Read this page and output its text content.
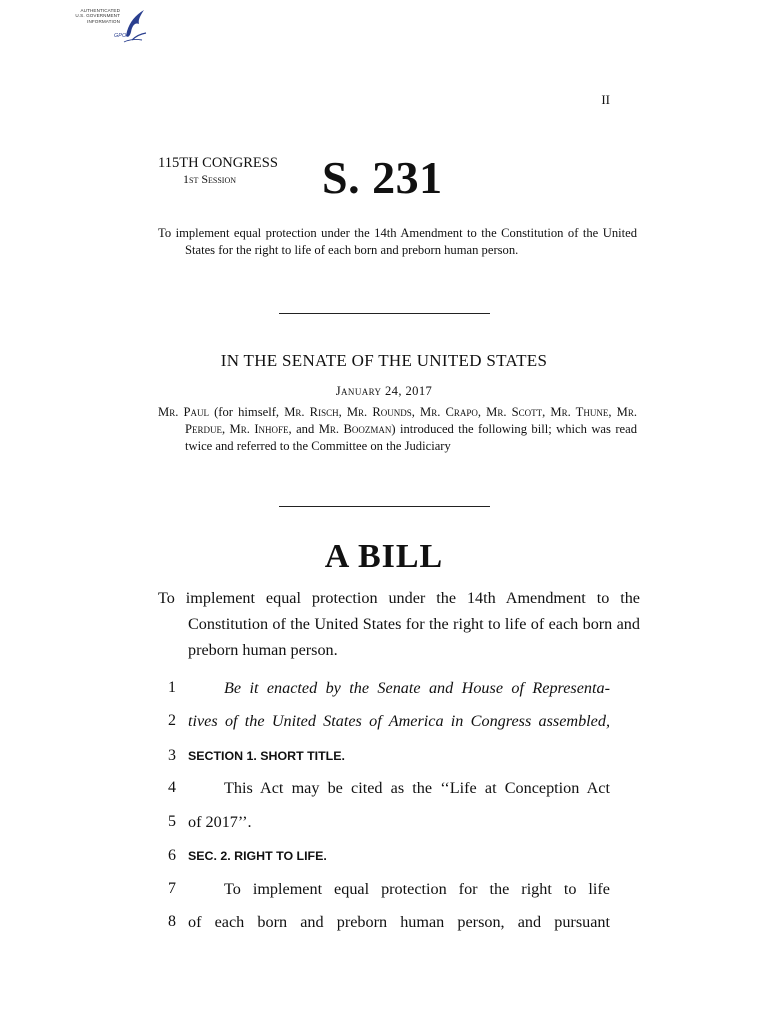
AUTHENTICATED
U.S. GOVERNMENT
INFORMATION
GPO
II
115TH CONGRESS
1st Session S. 231
To implement equal protection under the 14th Amendment to the Constitution of the United States for the right to life of each born and preborn human person.
IN THE SENATE OF THE UNITED STATES
January 24, 2017
Mr. Paul (for himself, Mr. Risch, Mr. Rounds, Mr. Crapo, Mr. Scott, Mr. Thune, Mr. Perdue, Mr. Inhofe, and Mr. Boozman) introduced the following bill; which was read twice and referred to the Committee on the Judiciary
A BILL
To implement equal protection under the 14th Amendment to the Constitution of the United States for the right to life of each born and preborn human person.
1	Be it enacted by the Senate and House of Representa-
2 tives of the United States of America in Congress assembled,
3 SECTION 1. SHORT TITLE.
4	This Act may be cited as the ‘‘Life at Conception Act
5 of 2017’’.
6 SEC. 2. RIGHT TO LIFE.
7	To implement equal protection for the right to life
8 of each born and preborn human person, and pursuant
